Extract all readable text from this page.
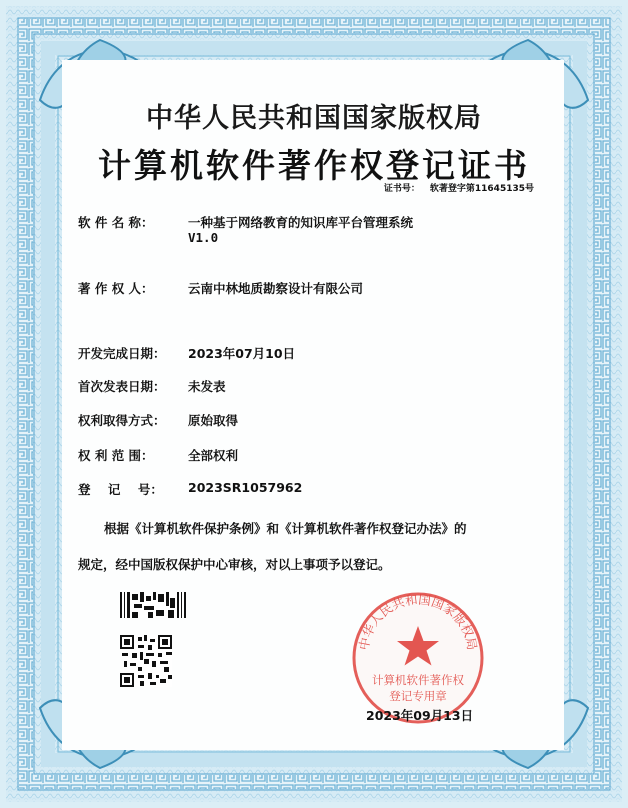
中华人民共和国国家版权局
计算机软件著作权登记证书
证书号： 软著登字第11645135号
软 件 名 称：	一种基于网络教育的知识库平台管理系统
V1.0
著 作 权 人：	云南中林地质勘察设计有限公司
开发完成日期： 2023年07月10日
首次发表日期： 未发表
权利取得方式： 原始取得
权 利 范 围：	全部权利
登    记    号： 2023SR1057962
根据《计算机软件保护条例》和《计算机软件著作权登记办法》的
规定，经中国版权保护中心审核，对以上事项予以登记。
中华人民共和国国家版权局
计算机软件著作权
登记专用章
2023年09月13日
